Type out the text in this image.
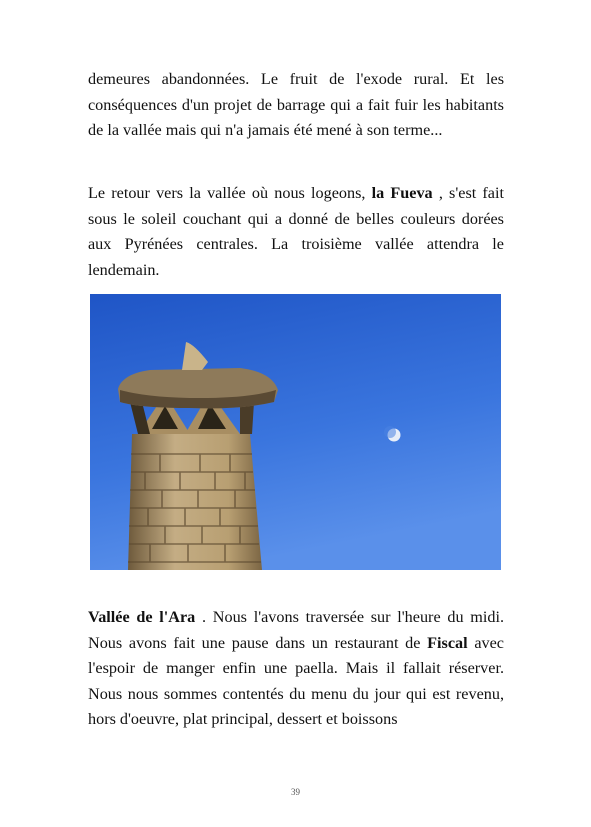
demeures abandonnées. Le fruit de l'exode rural. Et les conséquences d'un projet de barrage qui a fait fuir les habitants de la vallée mais qui n'a jamais été mené à son terme...

Le retour vers la vallée où nous logeons, la Fueva , s'est fait sous le soleil couchant qui a donné de belles couleurs dorées aux Pyrénées centrales. La troisième vallée attendra le lendemain.

Vallée de l'Ara . Nous l'avons traversée sur l'heure du midi. Nous avons fait une pause dans un restaurant de Fiscal avec l'espoir de manger enfin une paella. Mais il fallait réserver. Nous nous sommes contentés du menu du jour qui est revenu, hors d'oeuvre, plat principal, dessert et boissons

39
